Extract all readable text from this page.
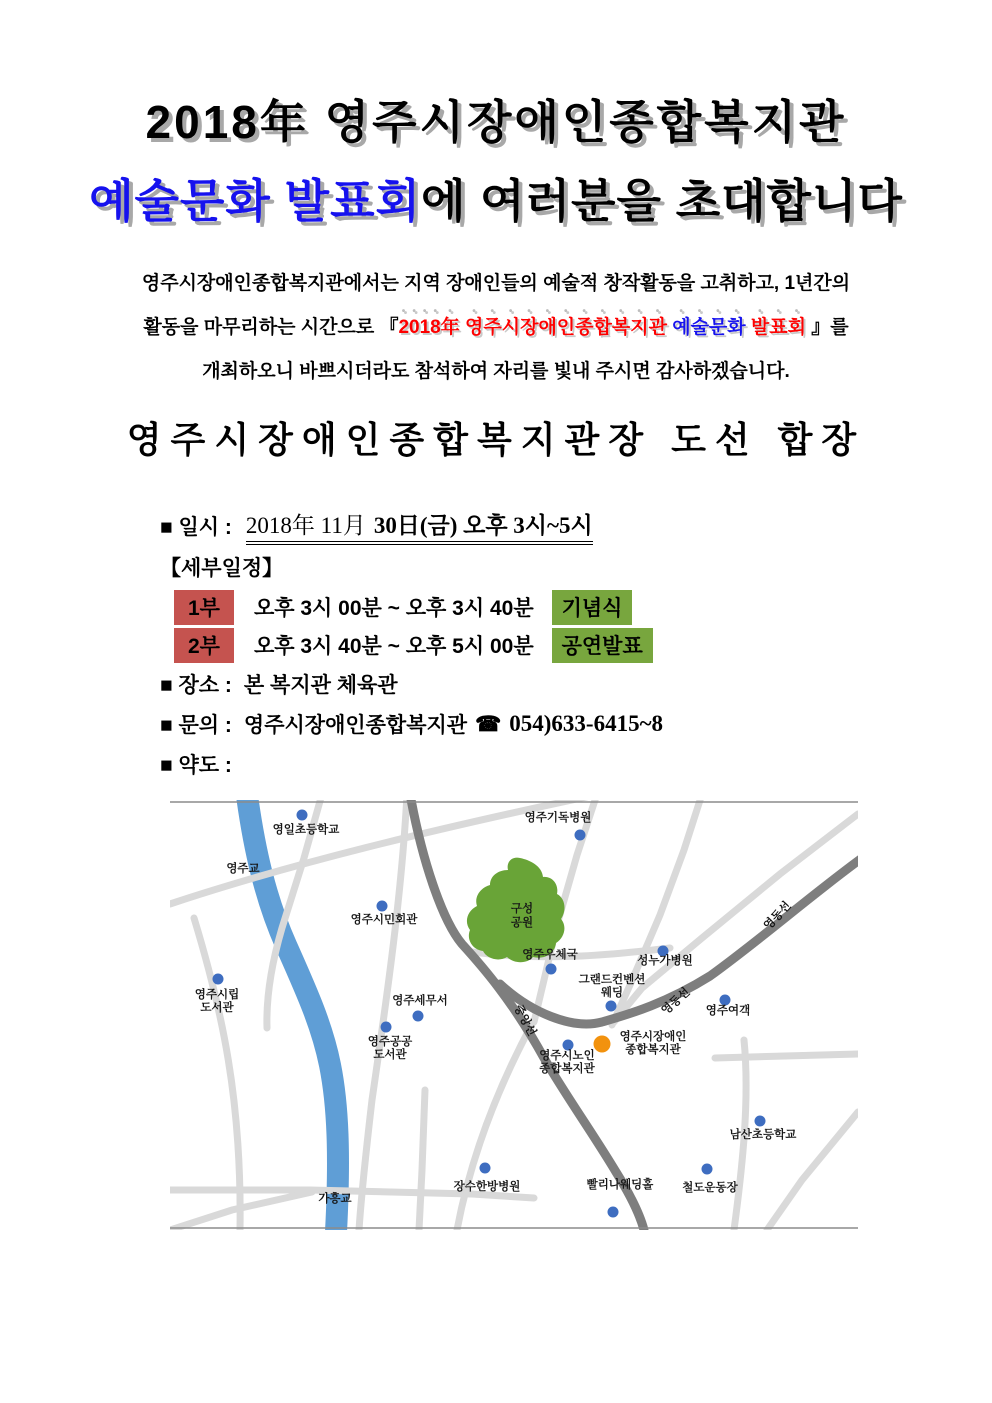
2018年 영주시장애인종합복지관
예술문화 발표회에 여러분을 초대합니다
영주시장애인종합복지관에서는 지역 장애인들의 예술적 창작활동을 고취하고, 1년간의
활동을 마무리하는 시간으로 『2018年 영주시장애인종합복지관 예술문화 발표회 』를
개최하오니 바쁘시더라도 참석하여 자리를 빛내 주시면 감사하겠습니다.
영주시장애인종합복지관장 도선 합장
■ 일시 : 2018年 11月 30日(금) 오후 3시~5시
【세부일정】
1부	오후 3시 00분 ~ 오후 3시 40분	기념식
2부	오후 3시 40분 ~ 오후 5시 00분	공연발표
■ 장소 : 본 복지관 체육관
■ 문의 : 영주시장애인종합복지관 ☎ 054)633-6415~8
■ 약도 :
구성
공원
중앙선
영동선
영동선
영주교
가흥교
영일초등학교
영주기독병원
영주시민회관
영주시립
도서관
영주세무서
영주공공
도서관
영주우체국	성누가병원
그랜드컨벤션
웨딩
영주여객
영주시장애인
종합복지관
영주시노인
종합복지관
남산초등학교
장수한방병원	빨리나웨딩홀	철도운동장
